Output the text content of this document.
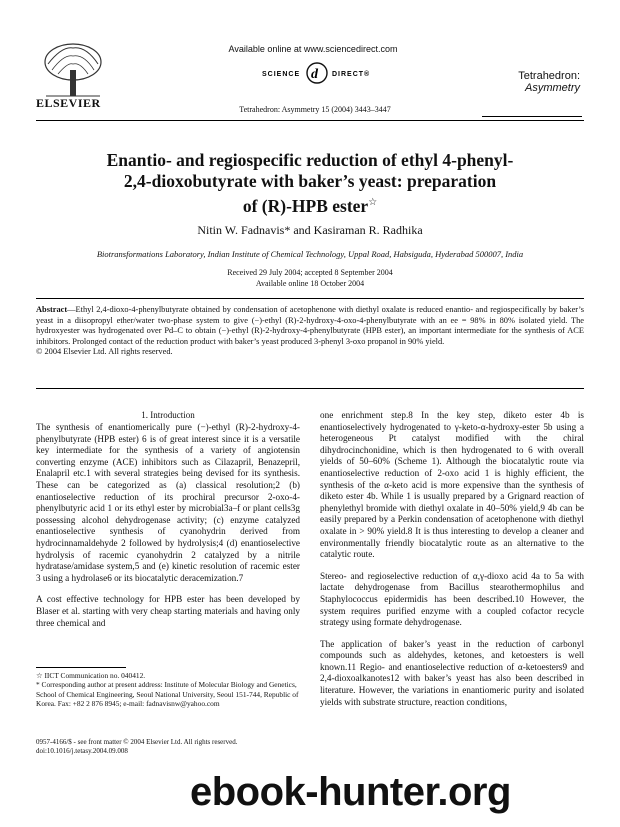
ELSEVIER
Available online at www.sciencedirect.com
SCIENCE d DIRECT®
Tetrahedron: Asymmetry 15 (2004) 3443–3447
Tetrahedron:
Asymmetry
Enantio- and regiospecific reduction of ethyl 4-phenyl-
2,4-dioxobutyrate with baker’s yeast: preparation
of (R)-HPB ester☆
Nitin W. Fadnavis* and Kasiraman R. Radhika
Biotransformations Laboratory, Indian Institute of Chemical Technology, Uppal Road, Habsiguda, Hyderabad 500007, India
Received 29 July 2004; accepted 8 September 2004
Available online 18 October 2004
Abstract—Ethyl 2,4-dioxo-4-phenylbutyrate obtained by condensation of acetophenone with diethyl oxalate is reduced enantio- and regiospecifically by baker’s yeast in a diisopropyl ether/water two-phase system to give (−)-ethyl (R)-2-hydroxy-4-oxo-4-phenylbutyrate with an ee = 98% in 80% isolated yield. The hydroxyester was hydrogenated over Pd–C to obtain (−)-ethyl (R)-2-hydroxy-4-phenylbutyrate (HPB ester), an important intermediate for the synthesis of ACE inhibitors. Prolonged contact of the reduction product with baker’s yeast produced 3-phenyl 3-oxo propanol in 90% yield.
© 2004 Elsevier Ltd. All rights reserved.
1. Introduction

The synthesis of enantiomerically pure (−)-ethyl (R)-2-hydroxy-4-phenylbutyrate (HPB ester) 6 is of great interest since it is a versatile key intermediate for the synthesis of a variety of angiotensin converting enzyme (ACE) inhibitors such as Cilazapril, Benazepril, Enalapril etc.1 with several strategies being devised for its synthesis. These can be categorized as (a) classical resolution;2 (b) enantioselective reduction of its prochiral precursor 2-oxo-4-phenylbutyric acid 1 or its ethyl ester by microbial3a–f or plant cells3g possessing alcohol dehydrogenase activity; (c) enzyme catalyzed enantioselective synthesis of cyanohydrin derived from hydrocinnamaldehyde 2 followed by hydrolysis;4 (d) enantioselective hydrolysis of racemic cyanohydrin 2 catalyzed by a nitrile hydratase/amidase system,5 and (e) kinetic resolution of racemic ester 3 using a hydrolase6 or its biocatalytic deracemization.7

A cost effective technology for HPB ester has been developed by Blaser et al. starting with very cheap starting materials and having only three chemical and

one enrichment step.8 In the key step, diketo ester 4b is enantioselectively hydrogenated to γ-keto-α-hydroxy-ester 5b using a heterogeneous Pt catalyst modified with the chiral dihydrocinchonidine, which is then hydrogenated to 6 with overall yields of 50–60% (Scheme 1). Although the biocatalytic route via enantioselective reduction of 2-oxo acid 1 is highly efficient, the synthesis of the α-keto acid is more expensive than the synthesis of diketo ester 4b. While 1 is usually prepared by a Grignard reaction of phenylethyl bromide with diethyl oxalate in 40–50% yield,9 4b can be easily prepared by a Perkin condensation of acetophenone with diethyl oxalate in > 90% yield.8 It is thus interesting to develop a cleaner and environmentally friendly biocatalytic route as an alternative to the catalytic route.

Stereo- and regioselective reduction of α,γ-dioxo acid 4a to 5a with lactate dehydrogenase from Bacillus stearothermophilus and Staphylococcus epidermidis has been described.10 However, the system requires purified enzyme with a coupled cofactor recycle strategy using formate dehydrogenase.

The application of baker’s yeast in the reduction of carbonyl compounds such as aldehydes, ketones, and ketoesters is well known.11 Regio- and enantioselective reduction of α-ketoesters9 and 2,4-dioxoalkanotes12 with baker’s yeast has also been described in literature. However, the variations in enantiomeric purity and isolated yields with substrate structure, reaction conditions,

☆ IICT Communication no. 040412.
* Corresponding author at present address: Institute of Molecular Biology and Genetics, School of Chemical Engineering, Seoul National University, Seoul 151-744, Republic of Korea. Fax: +82 2 876 8945; e-mail: fadnavisnw@yahoo.com
0957-4166/$ - see front matter © 2004 Elsevier Ltd. All rights reserved.
doi:10.1016/j.tetasy.2004.09.008
ebook-hunter.org
